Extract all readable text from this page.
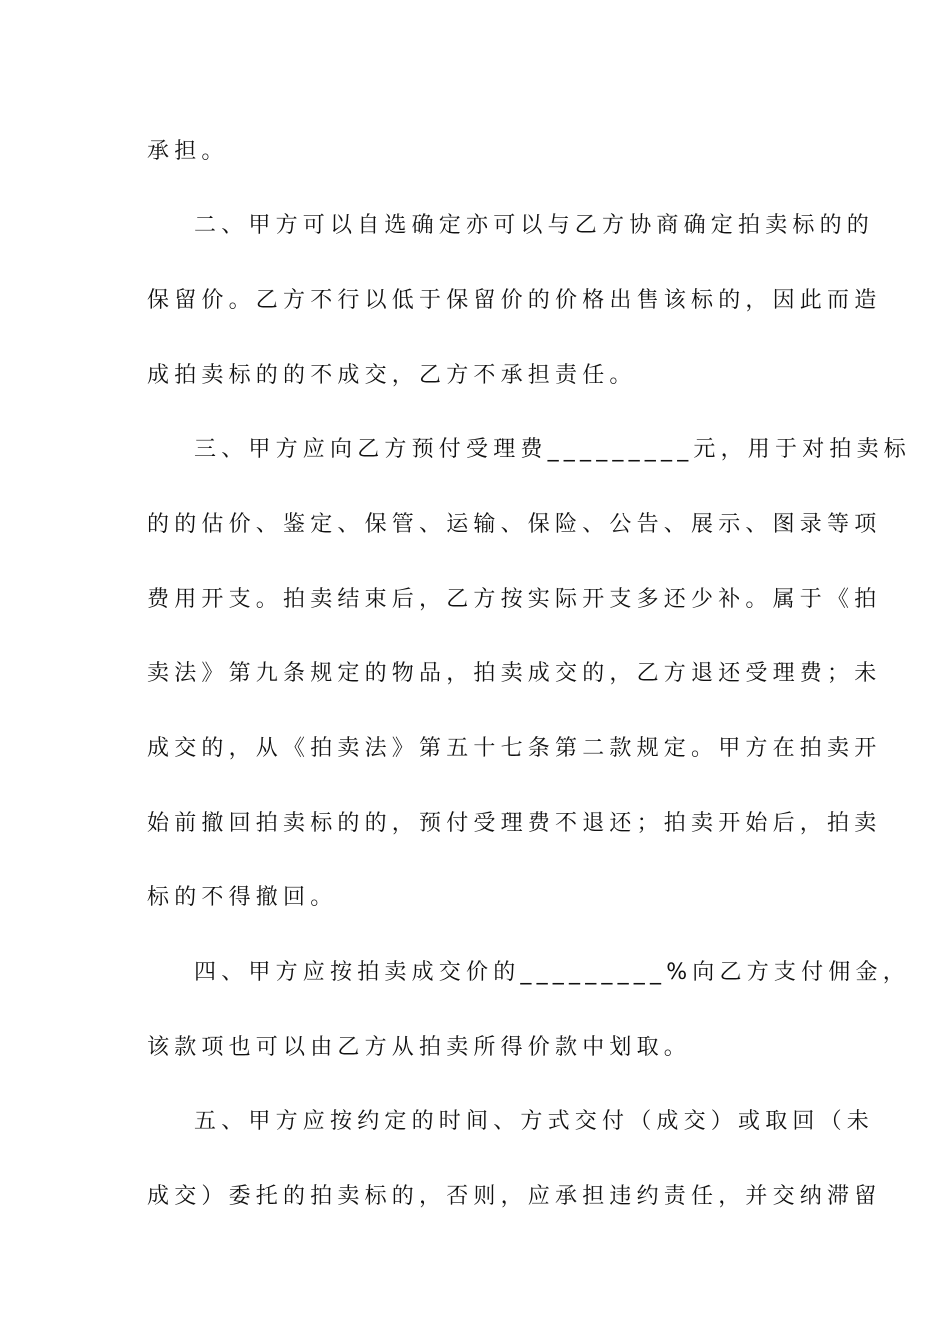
承担。
二、甲方可以自选确定亦可以与乙方协商确定拍卖标的的
保留价。乙方不行以低于保留价的价格出售该标的，因此而造
成拍卖标的的不成交，乙方不承担责任。
三、甲方应向乙方预付受理费_________元，用于对拍卖标
的的估价、鉴定、保管、运输、保险、公告、展示、图录等项
费用开支。拍卖结束后，乙方按实际开支多还少补。属于《拍
卖法》第九条规定的物品，拍卖成交的，乙方退还受理费；未
成交的，从《拍卖法》第五十七条第二款规定。甲方在拍卖开
始前撤回拍卖标的的，预付受理费不退还；拍卖开始后，拍卖
标的不得撤回。
四、甲方应按拍卖成交价的_________%向乙方支付佣金，
该款项也可以由乙方从拍卖所得价款中划取。
五、甲方应按约定的时间、方式交付（成交）或取回（未
成交）委托的拍卖标的，否则，应承担违约责任，并交纳滞留
